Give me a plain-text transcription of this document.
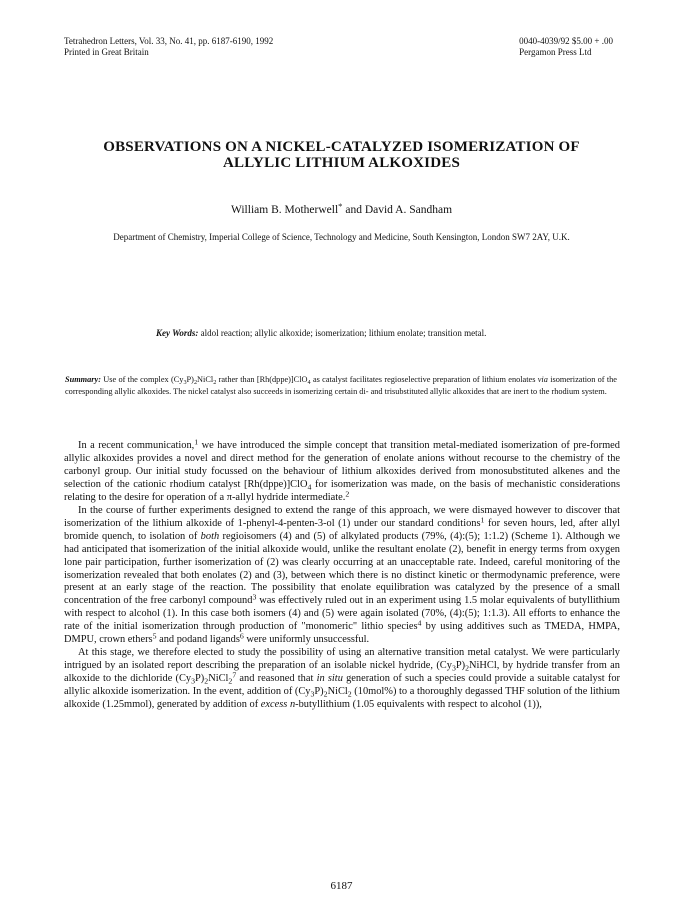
Tetrahedron Letters, Vol. 33, No. 41, pp. 6187-6190, 1992
Printed in Great Britain
0040-4039/92 $5.00 + .00
Pergamon Press Ltd
OBSERVATIONS ON A NICKEL-CATALYZED ISOMERIZATION OF
ALLYLIC LITHIUM ALKOXIDES
William B. Motherwell* and David A. Sandham
Department of Chemistry, Imperial College of Science, Technology and Medicine, South Kensington, London SW7 2AY, U.K.
Key Words: aldol reaction; allylic alkoxide; isomerization; lithium enolate; transition metal.
Summary: Use of the complex $(Cy_3P)_2NiCl_2$ rather than [Rh(dppe)]ClO$_4$ as catalyst facilitates regioselective preparation of lithium enolates via isomerization of the corresponding allylic alkoxides. The nickel catalyst also succeeds in isomerizing certain di- and trisubstituted allylic alkoxides that are inert to the rhodium system.

In a recent communication,$^1$ we have introduced the simple concept that transition metal-mediated isomerization of pre-formed allylic alkoxides provides a novel and direct method for the generation of enolate anions without recourse to the chemistry of the carbonyl group. Our initial study focussed on the behaviour of lithium alkoxides derived from monosubstituted alkenes and the selection of the cationic rhodium catalyst [Rh(dppe)]ClO$_4$ for isomerization was made, on the basis of mechanistic considerations relating to the desire for operation of a π-allyl hydride intermediate.$^2$

In the course of further experiments designed to extend the range of this approach, we were dismayed however to discover that isomerization of the lithium alkoxide of 1-phenyl-4-penten-3-ol (1) under our standard conditions$^1$ for seven hours, led, after allyl bromide quench, to isolation of both regioisomers (4) and (5) of alkylated products (79%, (4):(5); 1:1.2) (Scheme 1). Although we had anticipated that isomerization of the initial alkoxide would, unlike the resultant enolate (2), benefit in energy terms from oxygen lone pair participation, further isomerization of (2) was clearly occurring at an unacceptable rate. Indeed, careful monitoring of the isomerization revealed that both enolates (2) and (3), between which there is no distinct kinetic or thermodynamic preference, were present at an early stage of the reaction. The possibility that enolate equilibration was catalyzed by the presence of a small concentration of the free carbonyl compound$^3$ was effectively ruled out in an experiment using 1.5 molar equivalents of butyllithium with respect to alcohol (1). In this case both isomers (4) and (5) were again isolated (70%, (4):(5); 1:1.3). All efforts to enhance the rate of the initial isomerization through production of "monomeric" lithio species$^4$ by using additives such as TMEDA, HMPA, DMPU, crown ethers$^5$ and podand ligands$^6$ were uniformly unsuccessful.

At this stage, we therefore elected to study the possibility of using an alternative transition metal catalyst. We were particularly intrigued by an isolated report describing the preparation of an isolable nickel hydride, $(Cy_3P)_2NiHCl$, by hydride transfer from an alkoxide to the dichloride $(Cy_3P)_2NiCl_2^7$ and reasoned that in situ generation of such a species could provide a suitable catalyst for allylic alkoxide isomerization. In the event, addition of $(Cy_3P)_2NiCl_2$ (10mol%) to a thoroughly degassed THF solution of the lithium alkoxide (1.25mmol), generated by addition of excess n-butyllithium (1.05 equivalents with respect to alcohol (1)),

6187
